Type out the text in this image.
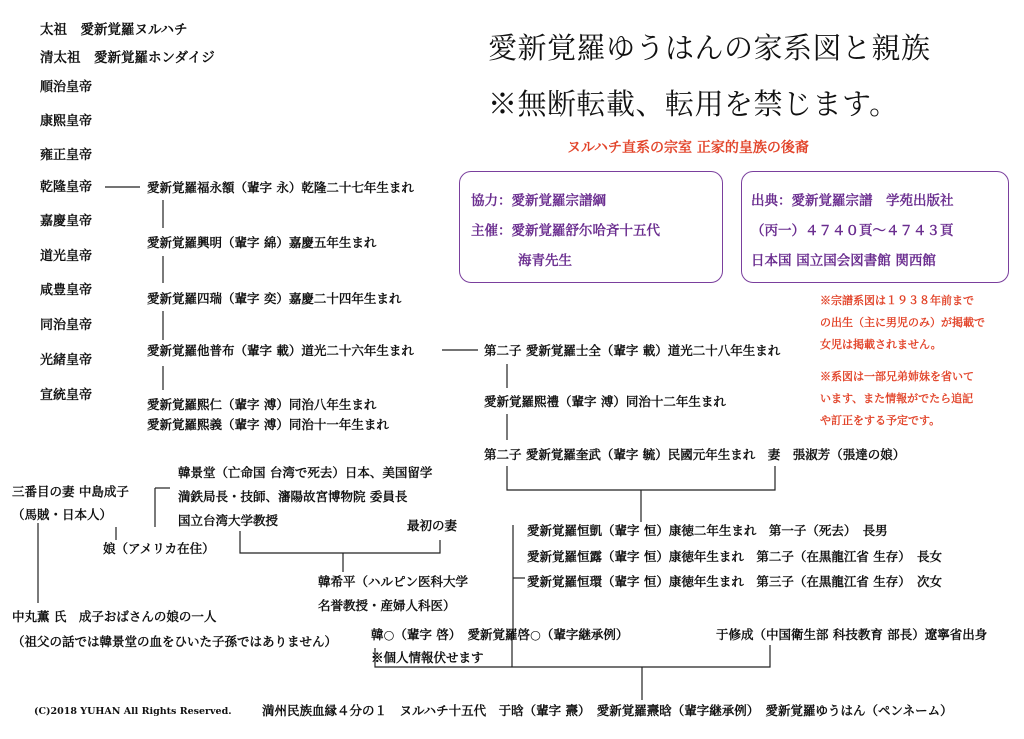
愛新覚羅ゆうはんの家系図と親族
※無断転載、転用を禁じます。
ヌルハチ直系の宗室 正家的皇族の後裔
太祖　愛新覚羅ヌルハチ
清太祖　愛新覚羅ホンダイジ
順治皇帝
康熙皇帝
雍正皇帝
乾隆皇帝
嘉慶皇帝
道光皇帝
咸豊皇帝
同治皇帝
光緒皇帝
宣統皇帝
愛新覚羅福永額（輩字 永）乾隆二十七年生まれ
愛新覚羅興明（輩字 綿）嘉慶五年生まれ
愛新覚羅四瑞（輩字 奕）嘉慶二十四年生まれ
愛新覚羅他普布（輩字 載）道光二十六年生まれ
愛新覚羅熙仁（輩字 溥）同治八年生まれ
愛新覚羅熙義（輩字 溥）同治十一年生まれ
第二子 愛新覚羅士全（輩字 載）道光二十八年生まれ
愛新覚羅熙禮（輩字 溥）同治十二年生まれ
第二子 愛新覚羅奎武（輩字 毓）民國元年生まれ　妻　張淑芳（張達の娘）
愛新覚羅恒凱（輩字 恒）康徳二年生まれ　第一子（死去）　長男
愛新覚羅恒露（輩字 恒）康徳年生まれ　第二子（在黒龍江省 生存）　長女
愛新覚羅恒環（輩字 恒）康徳年生まれ　第三子（在黒龍江省 生存）　次女
韓景堂（亡命国 台湾で死去）日本、美国留学
満鉄局長・技師、瀋陽故宮博物院 委員長
国立台湾大学教授
三番目の妻 中島成子
（馬賊・日本人）
最初の妻
娘（アメリカ在住）
韓希平（ハルピン医科大学
名誉教授・産婦人科医）
中丸薫 氏　成子おばさんの娘の一人
（祖父の話では韓景堂の血をひいた子孫ではありません）	韓○（輩字 啓）　愛新覚羅啓○（輩字継承例）
※個人情報伏せます
于修成（中国衛生部 科技教育 部長）遼寧省出身
(C)2018 YUHAN All Rights Reserved. 満州民族血縁４分の１　ヌルハチ十五代　于晗（輩字 燾）　愛新覚羅燾晗（輩字継承例）　愛新覚羅ゆうはん（ペンネーム）
協力：愛新覚羅宗譜綱
主催：愛新覚羅舒尓哈斉十五代
海青先生
出典：愛新覚羅宗譜　学苑出版社
（丙一）４７４０頁～４７４３頁
日本国 国立国会図書館 関西館
※宗譜系図は１９３８年前まで
の出生（主に男児のみ）が掲載で
女児は掲載されません。
※系図は一部兄弟姉妹を省いて
います、また情報がでたら追記
や訂正をする予定です。
